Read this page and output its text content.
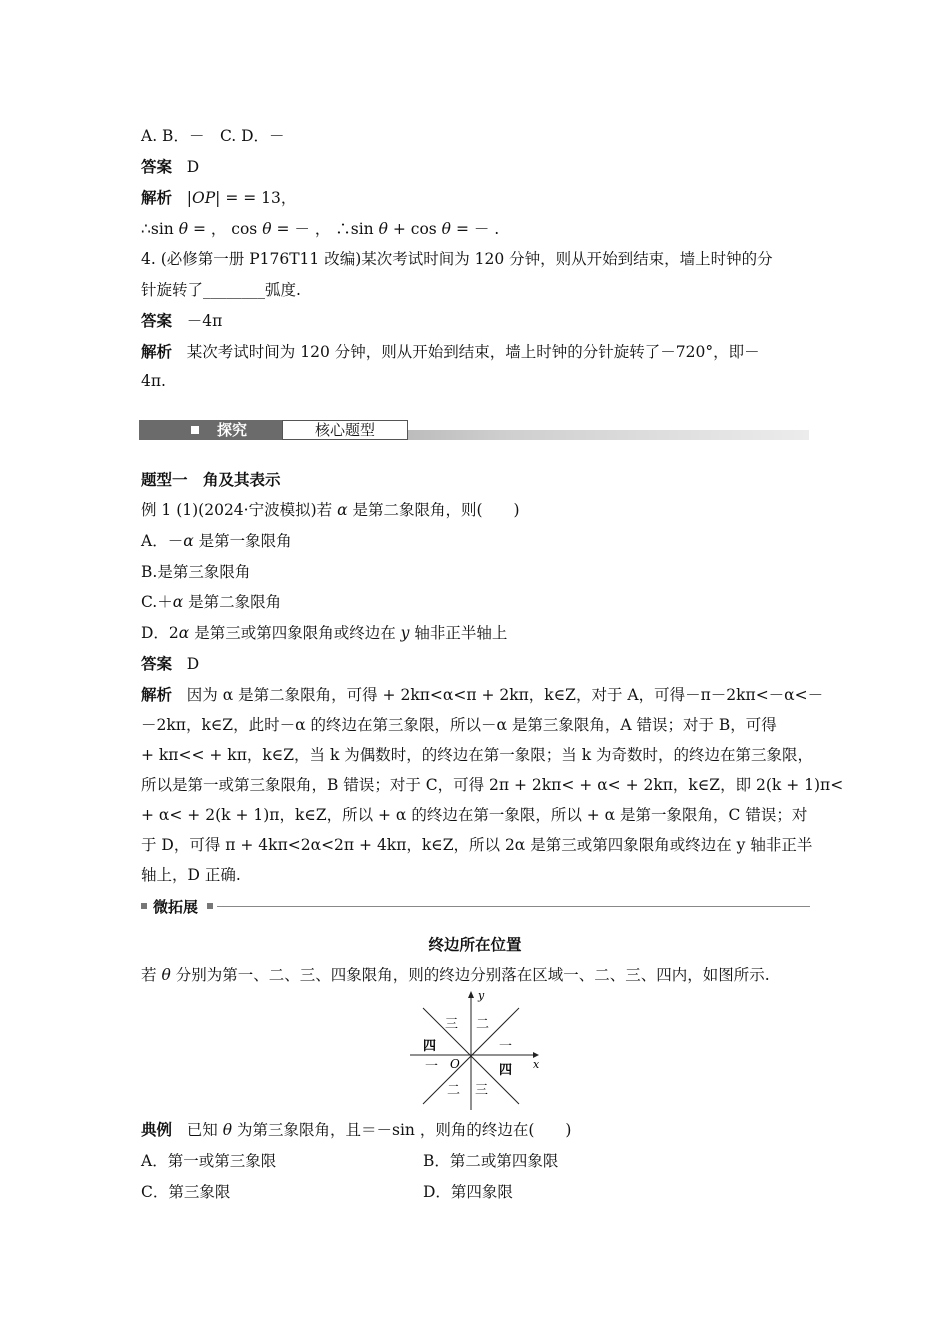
A. B．－　C. D．－
答案 D
解析 |OP| = = 13，
∴sin θ = ， cos θ = － ， ∴sin θ + cos θ = － .
4. (必修第一册 P176T11 改编)某次考试时间为 120 分钟，则从开始到结束，墙上时钟的分
针旋转了________弧度.
答案 －4π
解析 某次考试时间为 120 分钟，则从开始到结束，墙上时钟的分针旋转了－720°，即－
4π.
探究	核心题型
题型一　角及其表示
例 1 (1)(2024·宁波模拟)若 α 是第二象限角，则(　　)
A．－α 是第一象限角
B.是第三象限角
C.＋α 是第二象限角
D．2α 是第三或第四象限角或终边在 y 轴非正半轴上
答案 D
解析 因为 α 是第二象限角，可得 + 2kπ<α<π + 2kπ，k∈Z，对于 A，可得－π－2kπ<－α<－
－2kπ，k∈Z，此时－α 的终边在第三象限，所以－α 是第三象限角，A 错误；对于 B，可得
+ kπ<< + kπ，k∈Z，当 k 为偶数时，的终边在第一象限；当 k 为奇数时，的终边在第三象限，
所以是第一或第三象限角，B 错误；对于 C，可得 2π + 2kπ< + α< + 2kπ，k∈Z，即 2(k + 1)π<
+ α< + 2(k + 1)π，k∈Z，所以 + α 的终边在第一象限，所以 + α 是第一象限角，C 错误；对
于 D，可得 π + 4kπ<2α<2π + 4kπ，k∈Z，所以 2α 是第三或第四象限角或终边在 y 轴非正半
轴上，D 正确.
微拓展
终边所在位置
若 θ 分别为第一、二、三、四象限角，则的终边分别落在区域一、二、三、四内，如图所示.
y
x
O
三 二
四	一
一	四
二 三
典例 已知 θ 为第三象限角，且＝－sin ，则角的终边在(　　)
A．第一或第三象限	B．第二或第四象限
C．第三象限	D．第四象限
